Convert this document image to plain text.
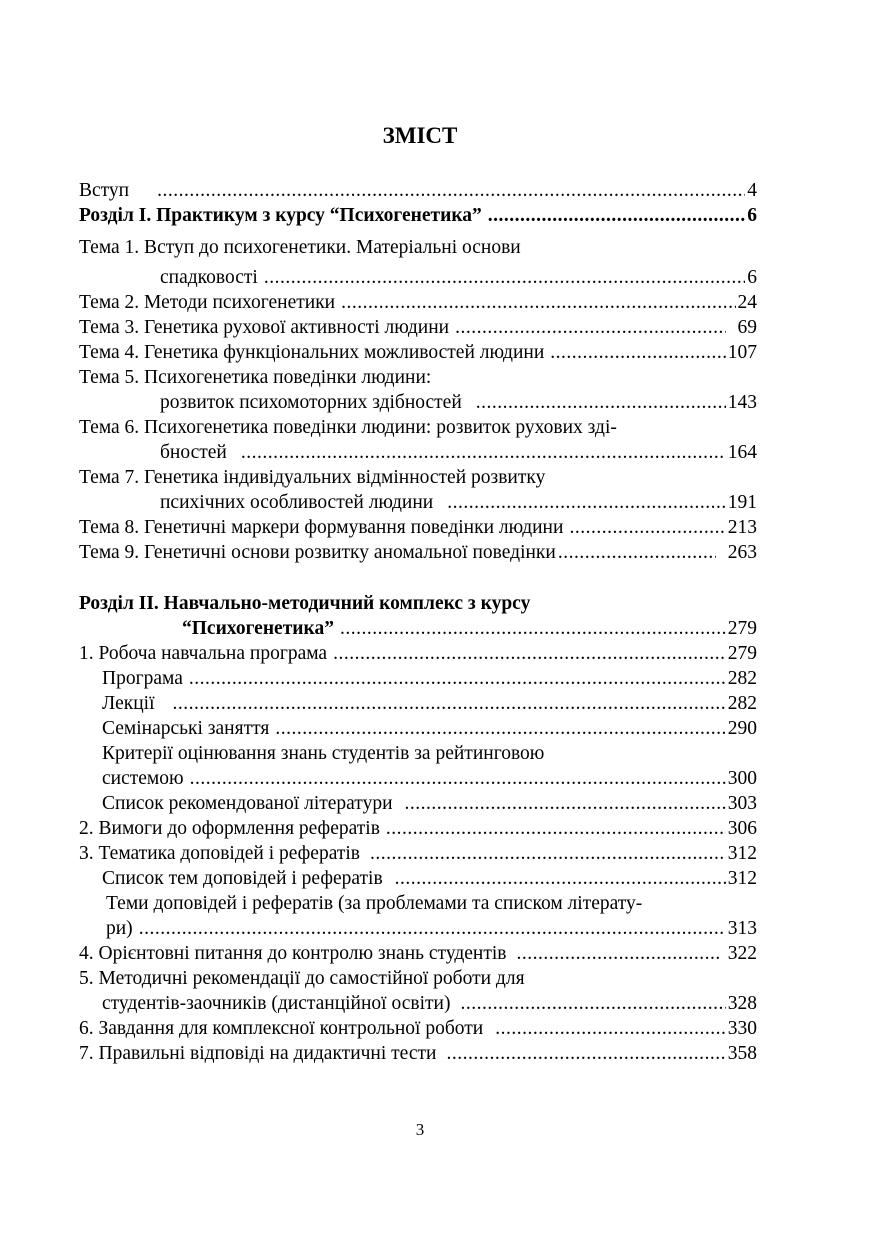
ЗМІСТ
Вступ .....	4
Розділ І. Практикум з курсу “Психогенетика” .....	6
Тема 1. Вступ до психогенетики. Матеріальні основи
спадковості .....	6
Тема 2. Методи психогенетики .....	24
Тема 3. Генетика рухової активності людини .....	69
Тема 4. Генетика функціональних можливостей людини .....	107
Тема 5. Психогенетика поведінки людини:
розвиток психомоторних здібностей .....	143
Тема 6. Психогенетика поведінки людини: розвиток рухових зді-
бностей .....	164
Тема 7. Генетика індивідуальних відмінностей розвитку
психічних особливостей людини .....	191
Тема 8. Генетичні маркери формування поведінки людини .....	213
Тема 9. Генетичні основи розвитку аномальної поведінки .....	263
Розділ ІІ. Навчально-методичний комплекс з курсу
“Психогенетика” .....	279
1. Робоча навчальна програма .....	279
Програма .....	282
Лекції .....	282
Семінарські заняття .....	290
Критерії оцінювання знань студентів за рейтинговою
системою .....	300
Список рекомендованої літератури .....	303
2. Вимоги до оформлення рефератів .....	306
3. Тематика доповідей і рефератів .....	312
Список тем доповідей і рефератів .....	312
Теми доповідей і рефератів (за проблемами та списком літерату-
ри) .....	313
4. Орієнтовні питання до контролю знань студентів .....	322
5. Методичні рекомендації до самостійної роботи для
студентів-заочників (дистанційної освіти) .....	328
6. Завдання для комплексної контрольної роботи .....	330
7. Правильні відповіді на дидактичні тести .....	358
3
